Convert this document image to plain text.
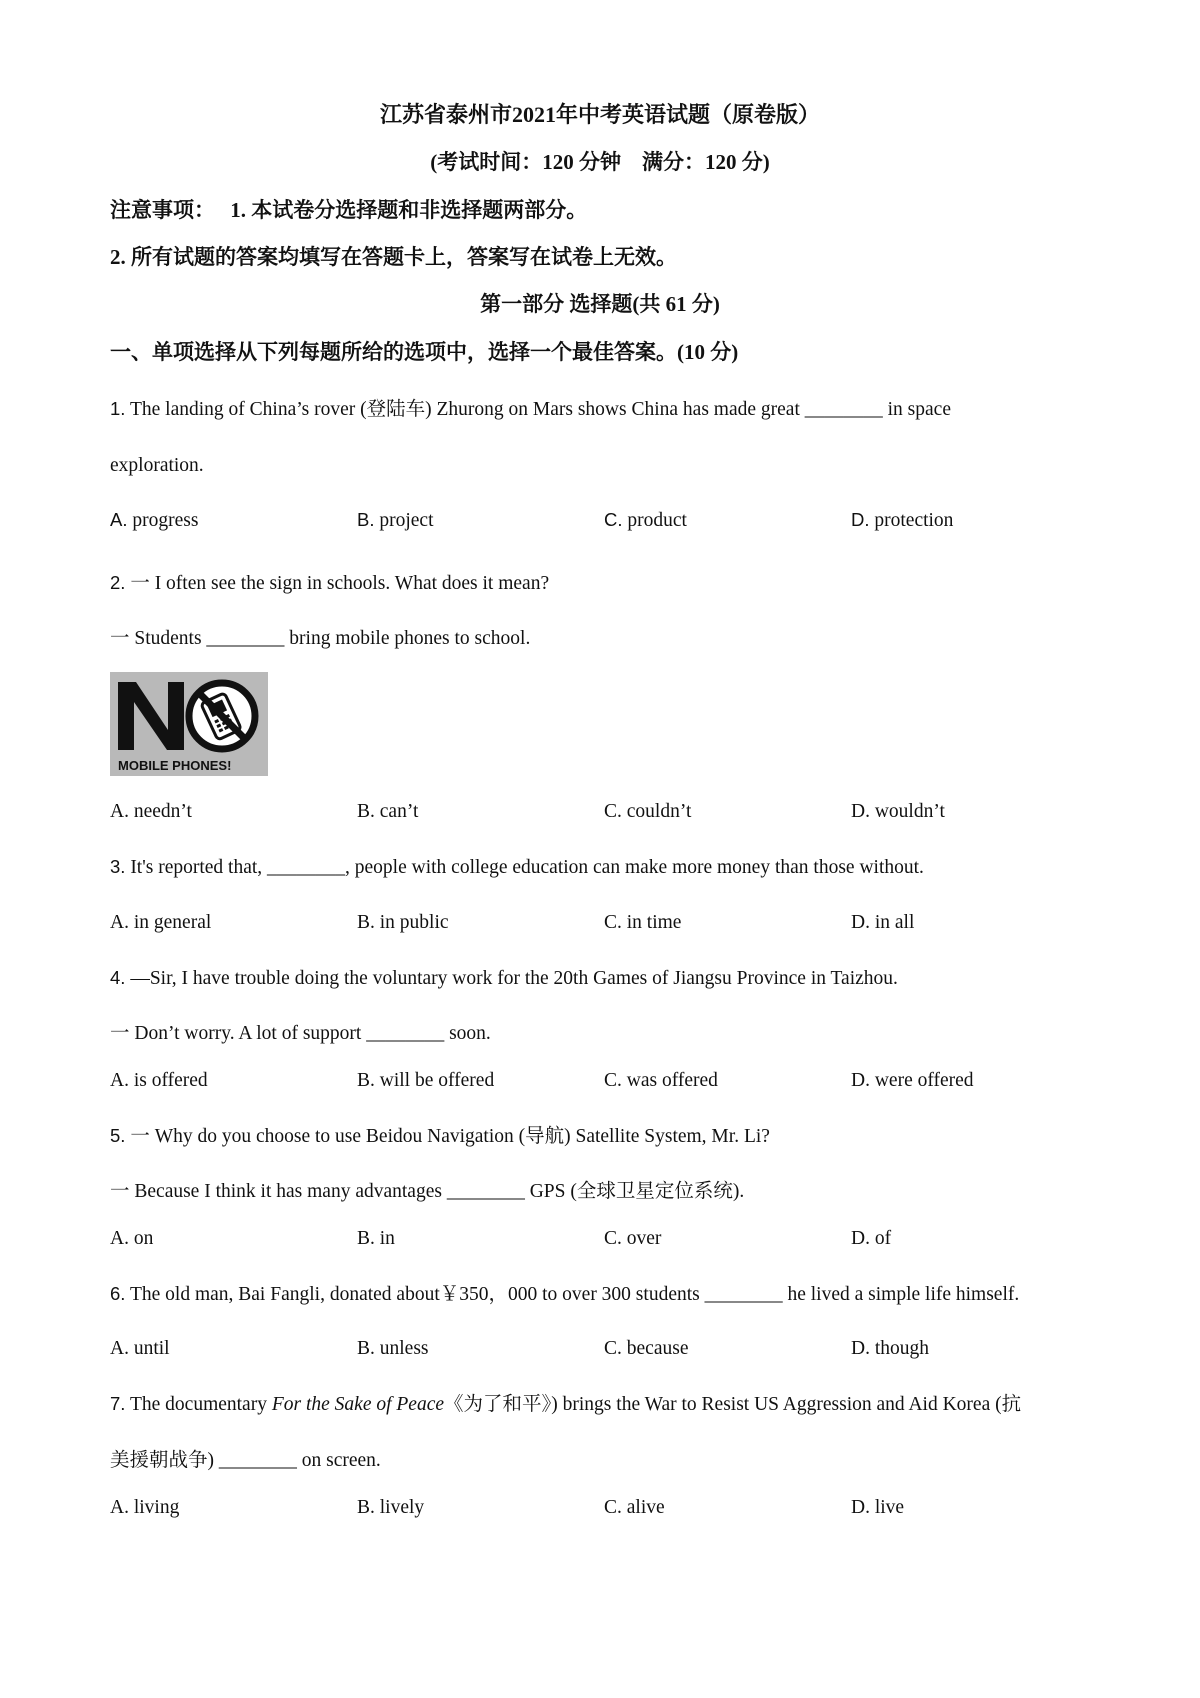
江苏省泰州市2021年中考英语试题（原卷版）
(考试时间：120 分钟　满分：120 分)
注意事项： 1. 本试卷分选择题和非选择题两部分。
2. 所有试题的答案均填写在答题卡上，答案写在试卷上无效。
第一部分 选择题(共 61 分)
一、单项选择从下列每题所给的选项中，选择一个最佳答案。(10 分)
1. The landing of China’s rover (登陆车) Zhurong on Mars shows China has made great ________ in space
exploration.
A. progress	B. project	C. product	D. protection
2. 一 I often see the sign in schools. What does it mean?
一 Students ________ bring mobile phones to school.
MOBILE PHONES!
A. needn’t	B. can’t	C. couldn’t	D. wouldn’t
3. It's reported that, ________, people with college education can make more money than those without.
A. in general	B. in public	C. in time	D. in all
4. —Sir, I have trouble doing the voluntary work for the 20th Games of Jiangsu Province in Taizhou.
一 Don’t worry. A lot of support ________ soon.
A. is offered	B. will be offered	C. was offered	D. were offered
5. 一 Why do you choose to use Beidou Navigation (导航) Satellite System, Mr. Li?
一 Because I think it has many advantages ________ GPS (全球卫星定位系统).
A. on	B. in	C. over	D. of
6. The old man, Bai Fangli, donated about￥350，000 to over 300 students ________ he lived a simple life himself.
A. until	B. unless	C. because	D. though
7. The documentary For the Sake of Peace《为了和平》) brings the War to Resist US Aggression and Aid Korea (抗
美援朝战争) ________ on screen.
A. living	B. lively	C. alive	D. live
